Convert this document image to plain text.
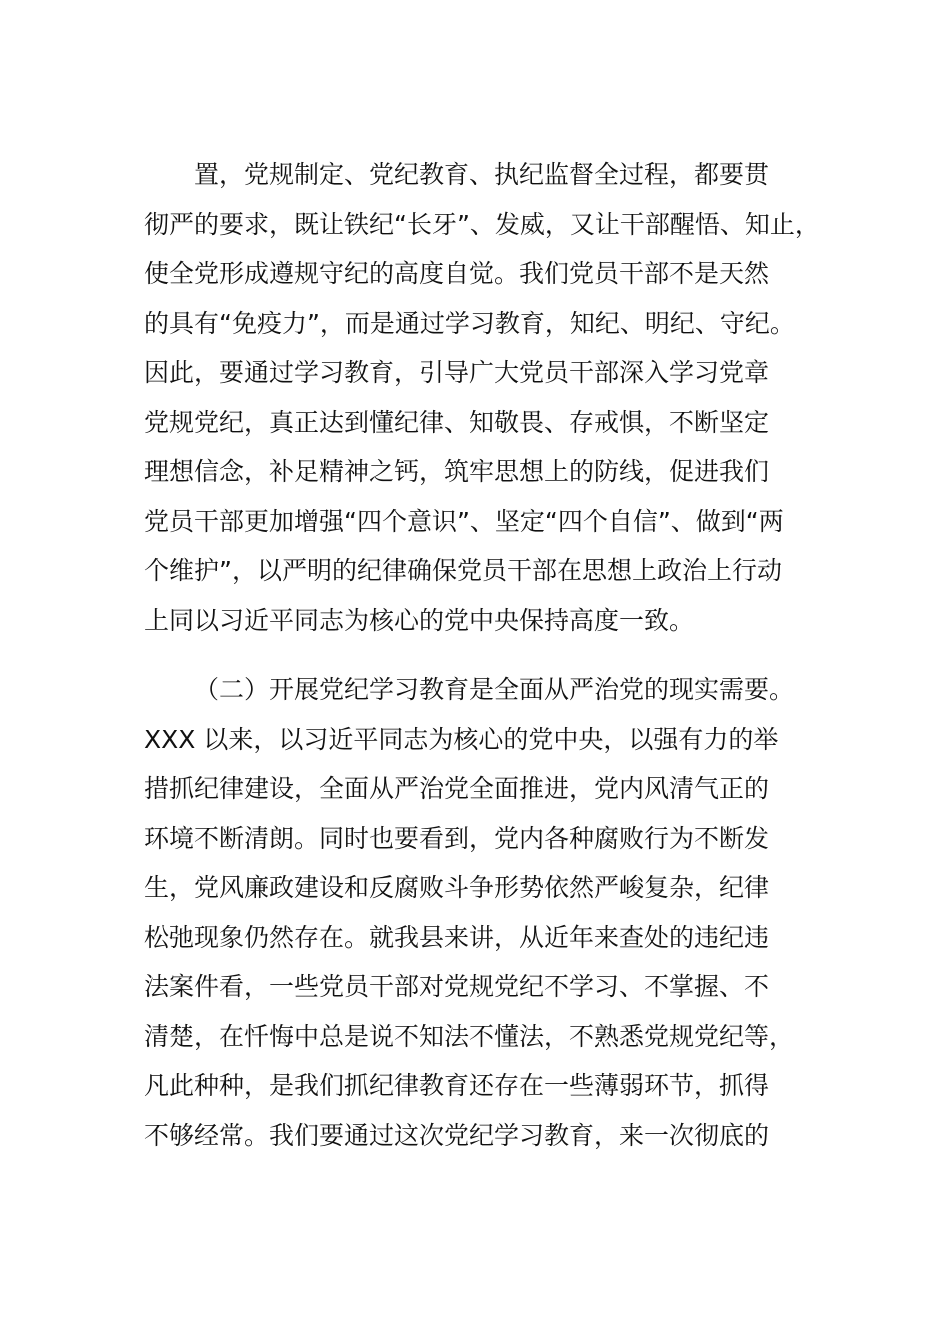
置，党规制定、党纪教育、执纪监督全过程，都要贯
彻严的要求，既让铁纪“长牙”、发威，又让干部醒悟、知止，
使全党形成遵规守纪的高度自觉。我们党员干部不是天然
的具有“免疫力”，而是通过学习教育，知纪、明纪、守纪。
因此，要通过学习教育，引导广大党员干部深入学习党章
党规党纪，真正达到懂纪律、知敬畏、存戒惧，不断坚定
理想信念，补足精神之钙，筑牢思想上的防线，促进我们
党员干部更加增强“四个意识”、坚定“四个自信”、做到“两
个维护”，以严明的纪律确保党员干部在思想上政治上行动
上同以习近平同志为核心的党中央保持高度一致。
（二）开展党纪学习教育是全面从严治党的现实需要。
XXX 以来，以习近平同志为核心的党中央，以强有力的举
措抓纪律建设，全面从严治党全面推进，党内风清气正的
环境不断清朗。同时也要看到，党内各种腐败行为不断发
生，党风廉政建设和反腐败斗争形势依然严峻复杂，纪律
松弛现象仍然存在。就我县来讲，从近年来查处的违纪违
法案件看，一些党员干部对党规党纪不学习、不掌握、不
清楚，在忏悔中总是说不知法不懂法，不熟悉党规党纪等，
凡此种种，是我们抓纪律教育还存在一些薄弱环节，抓得
不够经常。我们要通过这次党纪学习教育，来一次彻底的
